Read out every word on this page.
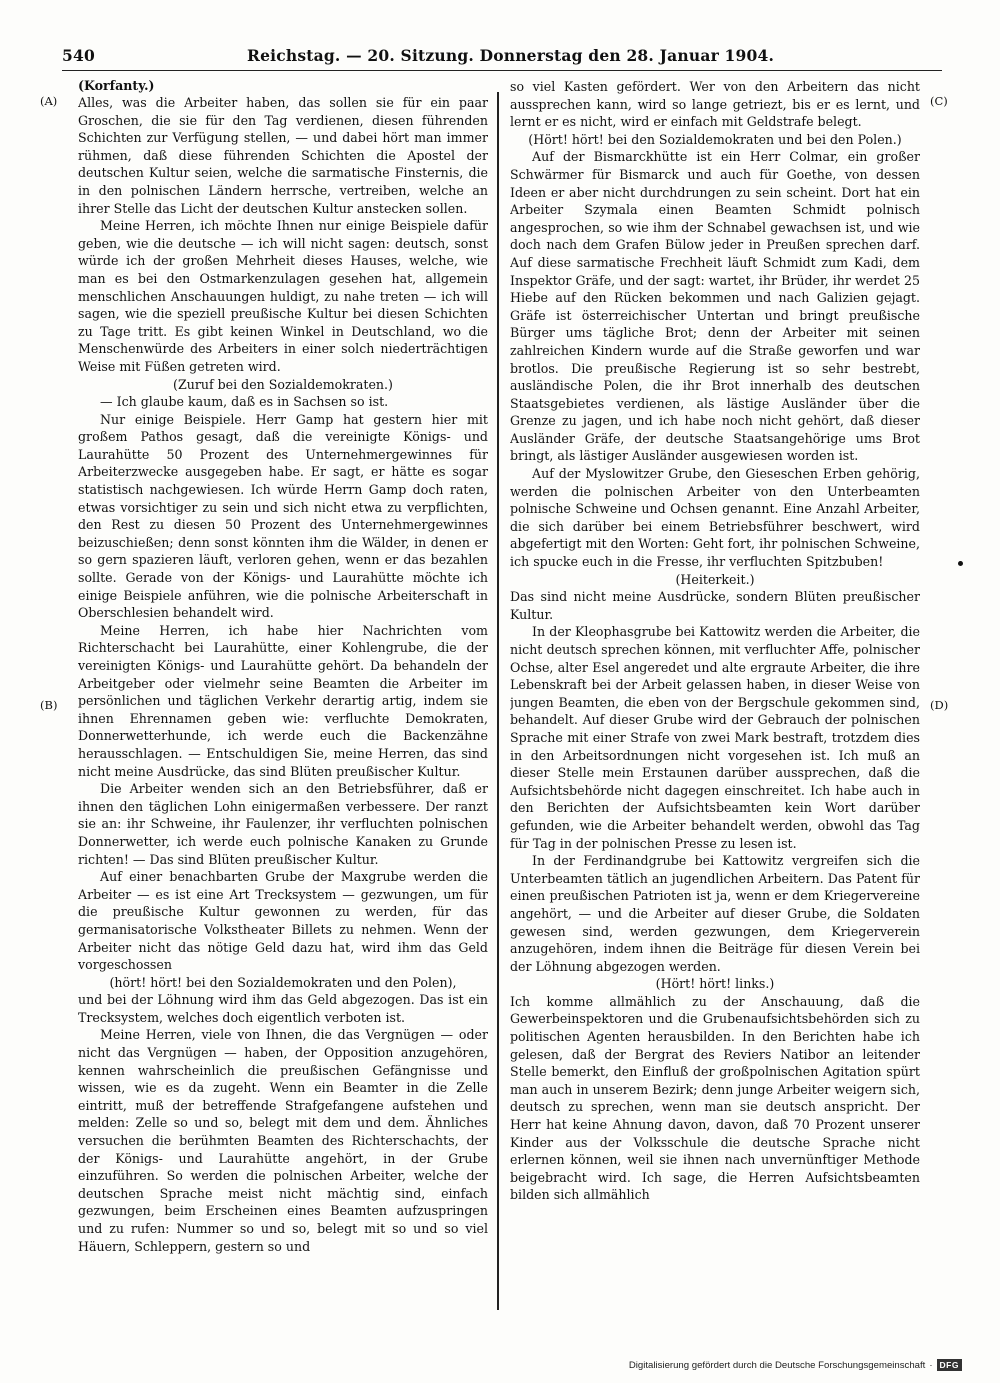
540	Reichstag. — 20. Sitzung. Donnerstag den 28. Januar 1904.
(A)
(B)
(C)
(D)

(Korfanty.)

Alles, was die Arbeiter haben, das sollen sie für ein paar Groschen, die sie für den Tag verdienen, diesen führenden Schichten zur Verfügung stellen, — und dabei hört man immer rühmen, daß diese führenden Schichten die Apostel der deutschen Kultur seien, welche die sarmatische Finsternis, die in den polnischen Ländern herrsche, vertreiben, welche an ihrer Stelle das Licht der deutschen Kultur anstecken sollen.

Meine Herren, ich möchte Ihnen nur einige Beispiele dafür geben, wie die deutsche — ich will nicht sagen: deutsch, sonst würde ich der großen Mehrheit dieses Hauses, welche, wie man es bei den Ostmarkenzulagen gesehen hat, allgemein menschlichen Anschauungen huldigt, zu nahe treten — ich will sagen, wie die speziell preußische Kultur bei diesen Schichten zu Tage tritt. Es gibt keinen Winkel in Deutschland, wo die Menschenwürde des Arbeiters in einer solch niederträchtigen Weise mit Füßen getreten wird.

(Zuruf bei den Sozialdemokraten.)

— Ich glaube kaum, daß es in Sachsen so ist.

Nur einige Beispiele. Herr Gamp hat gestern hier mit großem Pathos gesagt, daß die vereinigte Königs- und Laurahütte 50 Prozent des Unternehmergewinnes für Arbeiterzwecke ausgegeben habe. Er sagt, er hätte es sogar statistisch nachgewiesen. Ich würde Herrn Gamp doch raten, etwas vorsichtiger zu sein und sich nicht etwa zu verpflichten, den Rest zu diesen 50 Prozent des Unternehmergewinnes beizuschießen; denn sonst könnten ihm die Wälder, in denen er so gern spazieren läuft, verloren gehen, wenn er das bezahlen sollte. Gerade von der Königs- und Laurahütte möchte ich einige Beispiele anführen, wie die polnische Arbeiterschaft in Oberschlesien behandelt wird.

Meine Herren, ich habe hier Nachrichten vom Richterschacht bei Laurahütte, einer Kohlengrube, die der vereinigten Königs- und Laurahütte gehört. Da behandeln der Arbeitgeber oder vielmehr seine Beamten die Arbeiter im persönlichen und täglichen Verkehr derartig artig, indem sie ihnen Ehrennamen geben wie: verfluchte Demokraten, Donnerwetterhunde, ich werde euch die Backenzähne herausschlagen. — Entschuldigen Sie, meine Herren, das sind nicht meine Ausdrücke, das sind Blüten preußischer Kultur.

Die Arbeiter wenden sich an den Betriebsführer, daß er ihnen den täglichen Lohn einigermaßen verbessere. Der ranzt sie an: ihr Schweine, ihr Faulenzer, ihr verfluchten polnischen Donnerwetter, ich werde euch polnische Kanaken zu Grunde richten! — Das sind Blüten preußischer Kultur.

Auf einer benachbarten Grube der Maxgrube werden die Arbeiter — es ist eine Art Trecksystem — gezwungen, um für die preußische Kultur gewonnen zu werden, für das germanisatorische Volkstheater Billets zu nehmen. Wenn der Arbeiter nicht das nötige Geld dazu hat, wird ihm das Geld vorgeschossen

(hört! hört! bei den Sozialdemokraten und den Polen),

und bei der Löhnung wird ihm das Geld abgezogen. Das ist ein Trecksystem, welches doch eigentlich verboten ist.

Meine Herren, viele von Ihnen, die das Vergnügen — oder nicht das Vergnügen — haben, der Opposition anzugehören, kennen wahrscheinlich die preußischen Gefängnisse und wissen, wie es da zugeht. Wenn ein Beamter in die Zelle eintritt, muß der betreffende Strafgefangene aufstehen und melden: Zelle so und so, belegt mit dem und dem. Ähnliches versuchen die berühmten Beamten des Richterschachts, der der Königs- und Laurahütte angehört, in der Grube einzuführen. So werden die polnischen Arbeiter, welche der deutschen Sprache meist nicht mächtig sind, einfach gezwungen, beim Erscheinen eines Beamten aufzuspringen und zu rufen: Nummer so und so, belegt mit so und so viel Häuern, Schleppern, gestern so und

so viel Kasten gefördert. Wer von den Arbeitern das nicht aussprechen kann, wird so lange getriezt, bis er es lernt, und lernt er es nicht, wird er einfach mit Geldstrafe belegt.

(Hört! hört! bei den Sozialdemokraten und bei den Polen.)

Auf der Bismarckhütte ist ein Herr Colmar, ein großer Schwärmer für Bismarck und auch für Goethe, von dessen Ideen er aber nicht durchdrungen zu sein scheint. Dort hat ein Arbeiter Szymala einen Beamten Schmidt polnisch angesprochen, so wie ihm der Schnabel gewachsen ist, und wie doch nach dem Grafen Bülow jeder in Preußen sprechen darf. Auf diese sarmatische Frechheit läuft Schmidt zum Kadi, dem Inspektor Gräfe, und der sagt: wartet, ihr Brüder, ihr werdet 25 Hiebe auf den Rücken bekommen und nach Galizien gejagt. Gräfe ist österreichischer Untertan und bringt preußische Bürger ums tägliche Brot; denn der Arbeiter mit seinen zahlreichen Kindern wurde auf die Straße geworfen und war brotlos. Die preußische Regierung ist so sehr bestrebt, ausländische Polen, die ihr Brot innerhalb des deutschen Staatsgebietes verdienen, als lästige Ausländer über die Grenze zu jagen, und ich habe noch nicht gehört, daß dieser Ausländer Gräfe, der deutsche Staatsangehörige ums Brot bringt, als lästiger Ausländer ausgewiesen worden ist.

Auf der Myslowitzer Grube, den Gieseschen Erben gehörig, werden die polnischen Arbeiter von den Unterbeamten polnische Schweine und Ochsen genannt. Eine Anzahl Arbeiter, die sich darüber bei einem Betriebsführer beschwert, wird abgefertigt mit den Worten: Geht fort, ihr polnischen Schweine, ich spucke euch in die Fresse, ihr verfluchten Spitzbuben!

(Heiterkeit.)

Das sind nicht meine Ausdrücke, sondern Blüten preußischer Kultur.

In der Kleophasgrube bei Kattowitz werden die Arbeiter, die nicht deutsch sprechen können, mit verfluchter Affe, polnischer Ochse, alter Esel angeredet und alte ergraute Arbeiter, die ihre Lebenskraft bei der Arbeit gelassen haben, in dieser Weise von jungen Beamten, die eben von der Bergschule gekommen sind, behandelt. Auf dieser Grube wird der Gebrauch der polnischen Sprache mit einer Strafe von zwei Mark bestraft, trotzdem dies in den Arbeitsordnungen nicht vorgesehen ist. Ich muß an dieser Stelle mein Erstaunen darüber aussprechen, daß die Aufsichtsbehörde nicht dagegen einschreitet. Ich habe auch in den Berichten der Aufsichtsbeamten kein Wort darüber gefunden, wie die Arbeiter behandelt werden, obwohl das Tag für Tag in der polnischen Presse zu lesen ist.

In der Ferdinandgrube bei Kattowitz vergreifen sich die Unterbeamten tätlich an jugendlichen Arbeitern. Das Patent für einen preußischen Patrioten ist ja, wenn er dem Kriegervereine angehört, — und die Arbeiter auf dieser Grube, die Soldaten gewesen sind, werden gezwungen, dem Kriegerverein anzugehören, indem ihnen die Beiträge für diesen Verein bei der Löhnung abgezogen werden.

(Hört! hört! links.)

Ich komme allmählich zu der Anschauung, daß die Gewerbeinspektoren und die Grubenaufsichtsbehörden sich zu politischen Agenten herausbilden. In den Berichten habe ich gelesen, daß der Bergrat des Reviers Natibor an leitender Stelle bemerkt, den Einfluß der großpolnischen Agitation spürt man auch in unserem Bezirk; denn junge Arbeiter weigern sich, deutsch zu sprechen, wenn man sie deutsch anspricht. Der Herr hat keine Ahnung davon, davon, daß 70 Prozent unserer Kinder aus der Volksschule die deutsche Sprache nicht erlernen können, weil sie ihnen nach unvernünftiger Methode beigebracht wird. Ich sage, die Herren Aufsichtsbeamten bilden sich allmählich

Digitalisierung gefördert durch die Deutsche Forschungsgemeinschaft · DFG
